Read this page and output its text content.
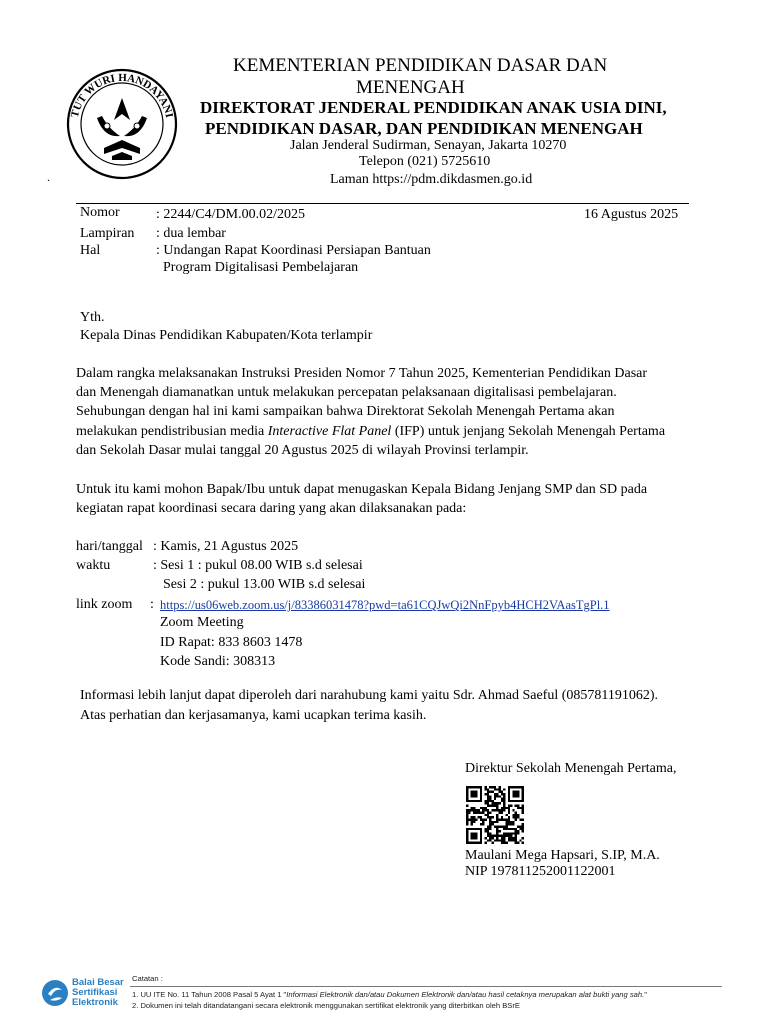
TUT WURI HANDAYANI
.
KEMENTERIAN PENDIDIKAN DASAR DAN
MENENGAH
DIREKTORAT JENDERAL PENDIDIKAN ANAK USIA DINI,
PENDIDIKAN DASAR, DAN PENDIDIKAN MENENGAH
Jalan Jenderal Sudirman, Senayan, Jakarta 10270
Telepon (021) 5725610
Laman https://pdm.dikdasmen.go.id
Nomor	: 2244/C4/DM.00.02/2025	16 Agustus 2025
Lampiran : dua lembar
Hal	: Undangan Rapat Koordinasi Persiapan Bantuan
Program Digitalisasi Pembelajaran
Yth.
Kepala Dinas Pendidikan Kabupaten/Kota terlampir
Dalam rangka melaksanakan Instruksi Presiden Nomor 7 Tahun 2025, Kementerian Pendidikan Dasar
dan Menengah diamanatkan untuk melakukan percepatan pelaksanaan digitalisasi pembelajaran.
Sehubungan dengan hal ini kami sampaikan bahwa Direktorat Sekolah Menengah Pertama akan
melakukan pendistribusian media Interactive Flat Panel (IFP) untuk jenjang Sekolah Menengah Pertama
dan Sekolah Dasar mulai tanggal 20 Agustus 2025 di wilayah Provinsi terlampir.
Untuk itu kami mohon Bapak/Ibu untuk dapat menugaskan Kepala Bidang Jenjang SMP dan SD pada
kegiatan rapat koordinasi secara daring yang akan dilaksanakan pada:
hari/tanggal : Kamis, 21 Agustus 2025
waktu	: Sesi 1 : pukul 08.00 WIB s.d selesai
Sesi 2 : pukul 13.00 WIB s.d selesai
link zoom : https://us06web.zoom.us/j/83386031478?pwd=ta61CQJwQi2NnFpyb4HCH2VAasTgPl.1
Zoom Meeting
ID Rapat: 833 8603 1478
Kode Sandi: 308313
Informasi lebih lanjut dapat diperoleh dari narahubung kami yaitu Sdr. Ahmad Saeful (085781191062).
Atas perhatian dan kerjasamanya, kami ucapkan terima kasih.
Direktur Sekolah Menengah Pertama,
Maulani Mega Hapsari, S.IP, M.A.
NIP 197811252001122001
Balai Besar
Sertifikasi
Elektronik
Catatan :
1. UU ITE No. 11 Tahun 2008 Pasal 5 Ayat 1 "Informasi Elektronik dan/atau Dokumen Elektronik dan/atau hasil cetaknya merupakan alat bukti yang sah."
2. Dokumen ini telah ditandatangani secara elektronik menggunakan sertifikat elektronik yang diterbitkan oleh BSrE
